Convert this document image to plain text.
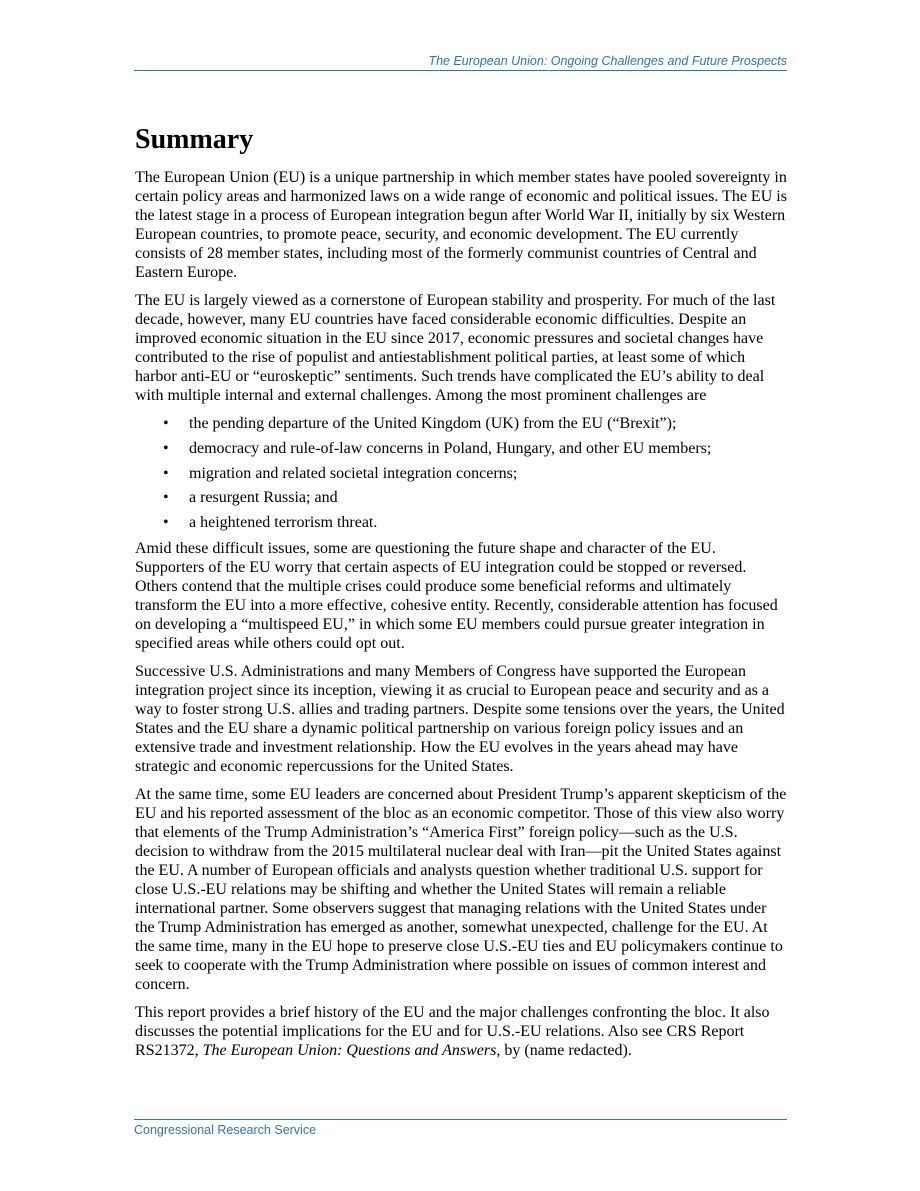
The European Union: Ongoing Challenges and Future Prospects
Summary

The European Union (EU) is a unique partnership in which member states have pooled sovereignty in certain policy areas and harmonized laws on a wide range of economic and political issues. The EU is the latest stage in a process of European integration begun after World War II, initially by six Western European countries, to promote peace, security, and economic development. The EU currently consists of 28 member states, including most of the formerly communist countries of Central and Eastern Europe.

The EU is largely viewed as a cornerstone of European stability and prosperity. For much of the last decade, however, many EU countries have faced considerable economic difficulties. Despite an improved economic situation in the EU since 2017, economic pressures and societal changes have contributed to the rise of populist and antiestablishment political parties, at least some of which harbor anti-EU or “euroskeptic” sentiments. Such trends have complicated the EU’s ability to deal with multiple internal and external challenges. Among the most prominent challenges are

• the pending departure of the United Kingdom (UK) from the EU (“Brexit”);
• democracy and rule-of-law concerns in Poland, Hungary, and other EU members;
• migration and related societal integration concerns;
• a resurgent Russia; and
• a heightened terrorism threat.

Amid these difficult issues, some are questioning the future shape and character of the EU. Supporters of the EU worry that certain aspects of EU integration could be stopped or reversed. Others contend that the multiple crises could produce some beneficial reforms and ultimately transform the EU into a more effective, cohesive entity. Recently, considerable attention has focused on developing a “multispeed EU,” in which some EU members could pursue greater integration in specified areas while others could opt out.

Successive U.S. Administrations and many Members of Congress have supported the European integration project since its inception, viewing it as crucial to European peace and security and as a way to foster strong U.S. allies and trading partners. Despite some tensions over the years, the United States and the EU share a dynamic political partnership on various foreign policy issues and an extensive trade and investment relationship. How the EU evolves in the years ahead may have strategic and economic repercussions for the United States.

At the same time, some EU leaders are concerned about President Trump’s apparent skepticism of the EU and his reported assessment of the bloc as an economic competitor. Those of this view also worry that elements of the Trump Administration’s “America First” foreign policy—such as the U.S. decision to withdraw from the 2015 multilateral nuclear deal with Iran—pit the United States against the EU. A number of European officials and analysts question whether traditional U.S. support for close U.S.-EU relations may be shifting and whether the United States will remain a reliable international partner. Some observers suggest that managing relations with the United States under the Trump Administration has emerged as another, somewhat unexpected, challenge for the EU. At the same time, many in the EU hope to preserve close U.S.-EU ties and EU policymakers continue to seek to cooperate with the Trump Administration where possible on issues of common interest and concern.

This report provides a brief history of the EU and the major challenges confronting the bloc. It also discusses the potential implications for the EU and for U.S.-EU relations. Also see CRS Report RS21372, The European Union: Questions and Answers, by (name redacted).

Congressional Research Service
